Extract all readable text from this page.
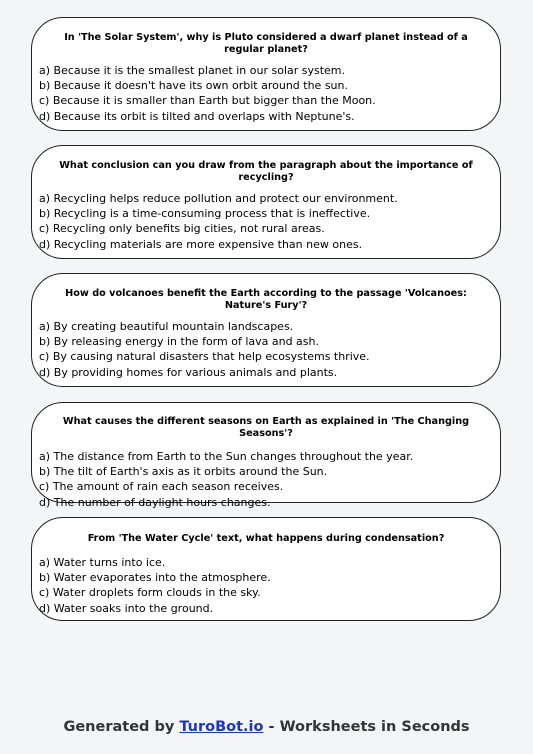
In 'The Solar System', why is Pluto considered a dwarf planet instead of a regular planet?
a) Because it is the smallest planet in our solar system.
b) Because it doesn't have its own orbit around the sun.
c) Because it is smaller than Earth but bigger than the Moon.
d) Because its orbit is tilted and overlaps with Neptune's.
What conclusion can you draw from the paragraph about the importance of recycling?
a) Recycling helps reduce pollution and protect our environment.
b) Recycling is a time-consuming process that is ineffective.
c) Recycling only benefits big cities, not rural areas.
d) Recycling materials are more expensive than new ones.
How do volcanoes benefit the Earth according to the passage 'Volcanoes: Nature's Fury'?
a) By creating beautiful mountain landscapes.
b) By releasing energy in the form of lava and ash.
c) By causing natural disasters that help ecosystems thrive.
d) By providing homes for various animals and plants.
What causes the different seasons on Earth as explained in 'The Changing Seasons'?
a) The distance from Earth to the Sun changes throughout the year.
b) The tilt of Earth's axis as it orbits around the Sun.
c) The amount of rain each season receives.
d) The number of daylight hours changes.
From 'The Water Cycle' text, what happens during condensation?
a) Water turns into ice.
b) Water evaporates into the atmosphere.
c) Water droplets form clouds in the sky.
d) Water soaks into the ground.
Generated by TuroBot.io - Worksheets in Seconds
